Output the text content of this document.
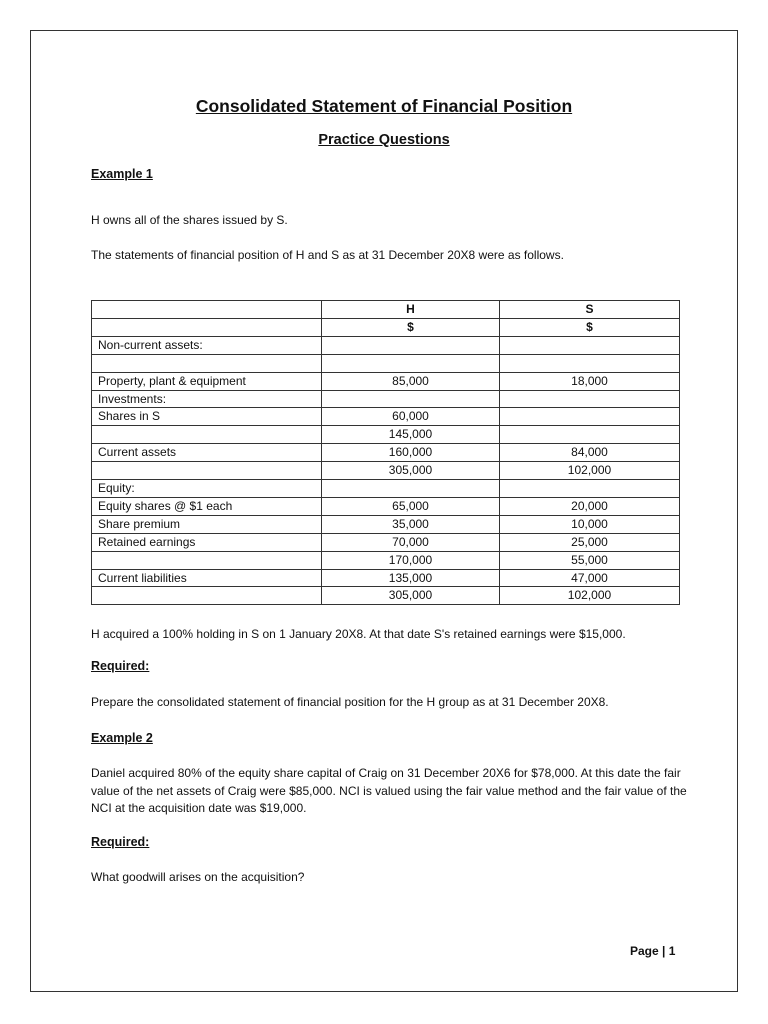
Consolidated Statement of Financial Position
Practice Questions
Example 1
H owns all of the shares issued by S.
The statements of financial position of H and S as at 31 December 20X8 were as follows.
	H	S
	$	$
Non-current assets:		

Property, plant & equipment	85,000	18,000
Investments:		
Shares in S	60,000	
	145,000	
Current assets	160,000	84,000
	305,000	102,000
Equity:		
Equity shares @ $1 each	65,000	20,000
Share premium	35,000	10,000
Retained earnings	70,000	25,000
	170,000	55,000
Current liabilities	135,000	47,000
	305,000	102,000
H acquired a 100% holding in S on 1 January 20X8. At that date S's retained earnings were $15,000.
Required:
Prepare the consolidated statement of financial position for the H group as at 31 December 20X8.
Example 2
Daniel acquired 80% of the equity share capital of Craig on 31 December 20X6 for $78,000. At this date the fair value of the net assets of Craig were $85,000. NCI is valued using the fair value method and the fair value of the NCI at the acquisition date was $19,000.
Required:
What goodwill arises on the acquisition?
Page | 1
